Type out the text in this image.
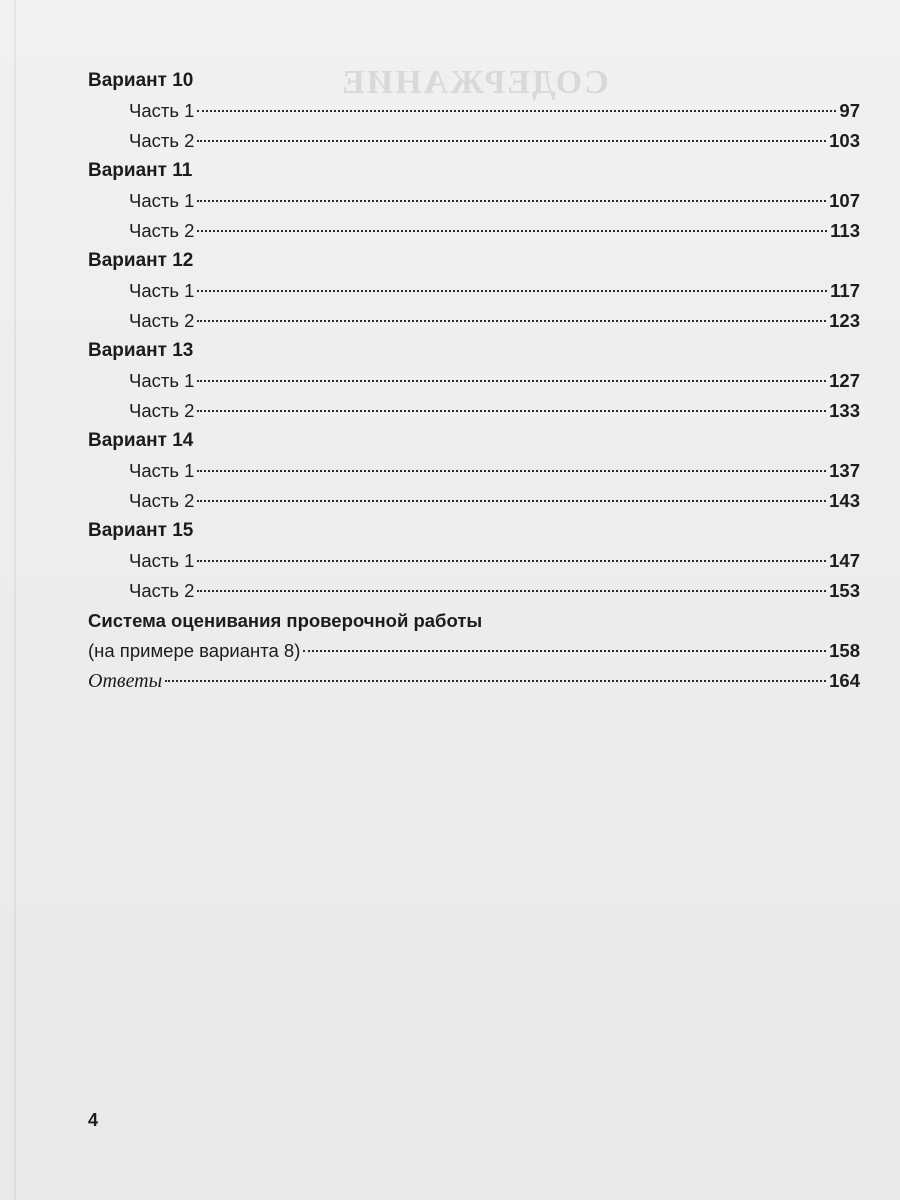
СОДЕРЖАНИЕ
Вариант 10
Часть 1	97
Часть 2	103
Вариант 11
Часть 1	107
Часть 2	113
Вариант 12
Часть 1	117
Часть 2	123
Вариант 13
Часть 1	127
Часть 2	133
Вариант 14
Часть 1	137
Часть 2	143
Вариант 15
Часть 1	147
Часть 2	153
Система оценивания проверочной работы
(на примере варианта 8)	158
Ответы	164
4
